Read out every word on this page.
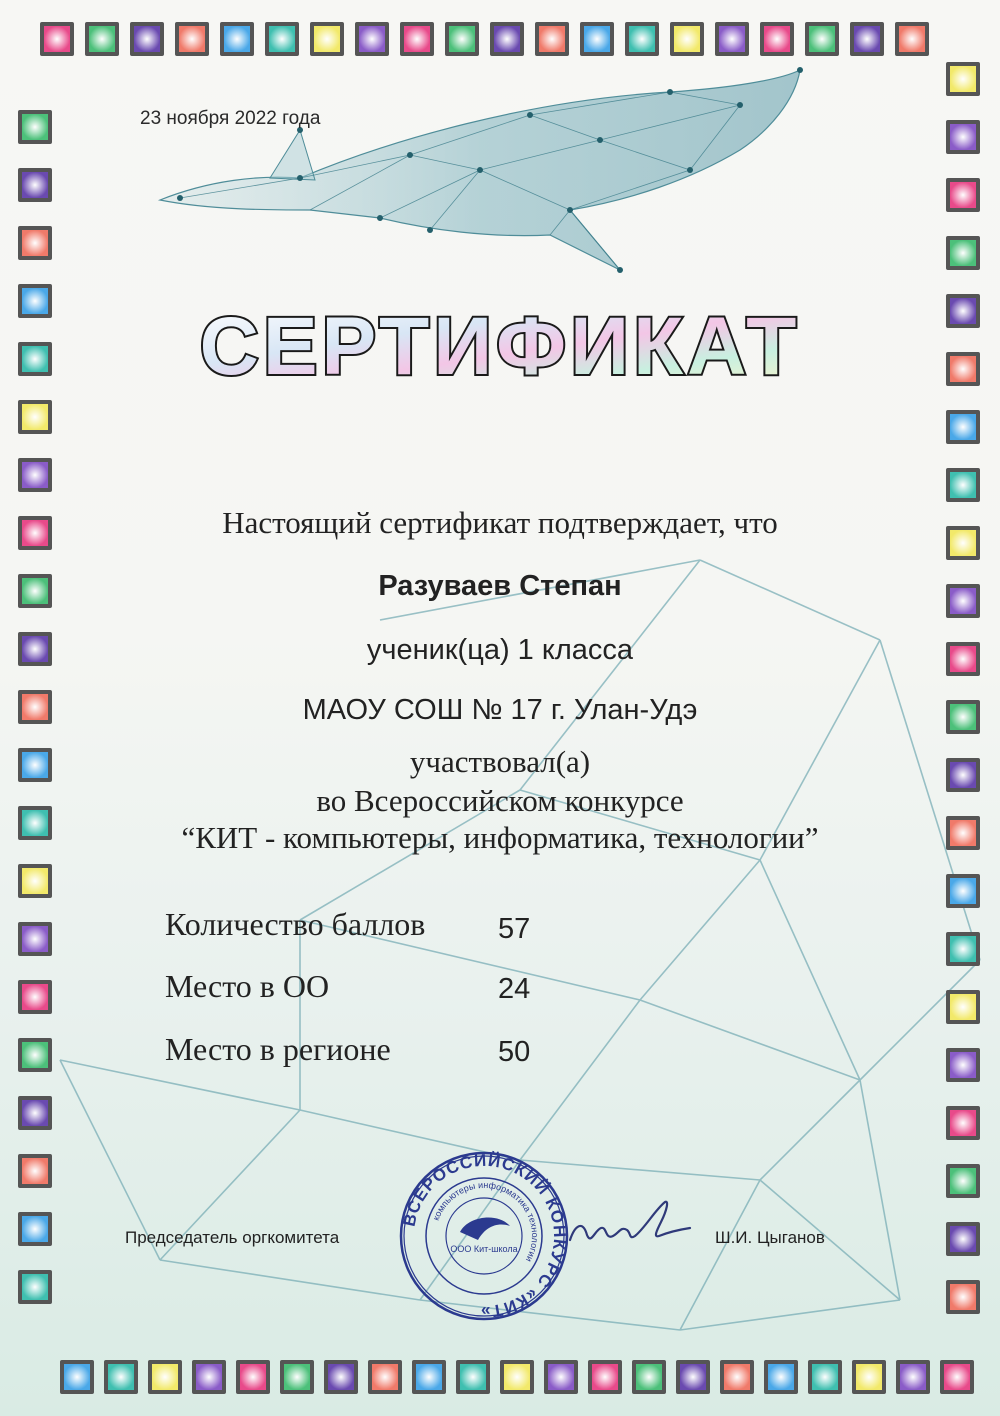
23 ноября 2022 года
СЕРТИФИКАТ
Настоящий сертификат подтверждает, что
Разуваев Степан
ученик(ца) 1 класса
МАОУ СОШ № 17 г. Улан-Удэ
участвовал(а)
во Всероссийском конкурсе
“КИТ - компьютеры, информатика, технологии”
Количество баллов	57
Место в ОО	24
Место в регионе	50
Председатель оргкомитета	Ш.И. Цыганов
ВСЕРОССИЙСКИЙ КОНКУРС «КИТ»
компьютеры информатика технологии
ООО Кит-школа
